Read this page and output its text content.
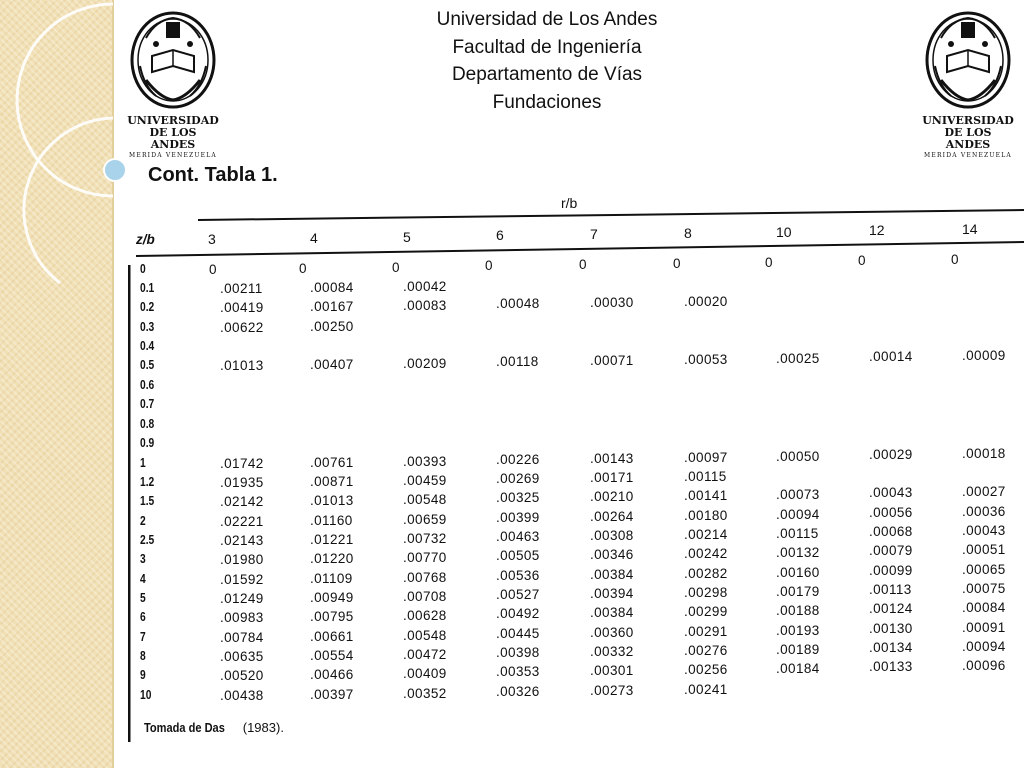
UNIVERSIDAD
DE LOS ANDES
MERIDA VENEZUELA
UNIVERSIDAD
DE LOS ANDES
MERIDA VENEZUELA
Universidad de Los Andes
Facultad de Ingeniería
Departamento de Vías
Fundaciones
Cont. Tabla 1.
r/b
z/b	3	4	5	6	7	8	10	12	14
0	0	0	0	0	0	0	0	0	0
0.1	.00211	.00084	.00042
0.2	.00419	.00167	.00083	.00048	.00030	.00020
0.3	.00622	.00250
0.4
0.5	.01013	.00407	.00209	.00118	.00071	.00053	.00025	.00014	.00009
0.6
0.7
0.8
0.9
1	.01742	.00761	.00393	.00226	.00143	.00097	.00050	.00029	.00018
1.2	.01935	.00871	.00459	.00269	.00171	.00115
1.5	.02142	.01013	.00548	.00325	.00210	.00141	.00073	.00043	.00027
2	.02221	.01160	.00659	.00399	.00264	.00180	.00094	.00056	.00036
2.5	.02143	.01221	.00732	.00463	.00308	.00214	.00115	.00068	.00043
3	.01980	.01220	.00770	.00505	.00346	.00242	.00132	.00079	.00051
4	.01592	.01109	.00768	.00536	.00384	.00282	.00160	.00099	.00065
5	.01249	.00949	.00708	.00527	.00394	.00298	.00179	.00113	.00075
6	.00983	.00795	.00628	.00492	.00384	.00299	.00188	.00124	.00084
7	.00784	.00661	.00548	.00445	.00360	.00291	.00193	.00130	.00091
8	.00635	.00554	.00472	.00398	.00332	.00276	.00189	.00134	.00094
9	.00520	.00466	.00409	.00353	.00301	.00256	.00184	.00133	.00096
10	.00438	.00397	.00352	.00326	.00273	.00241
Tomada de Das (1983).
